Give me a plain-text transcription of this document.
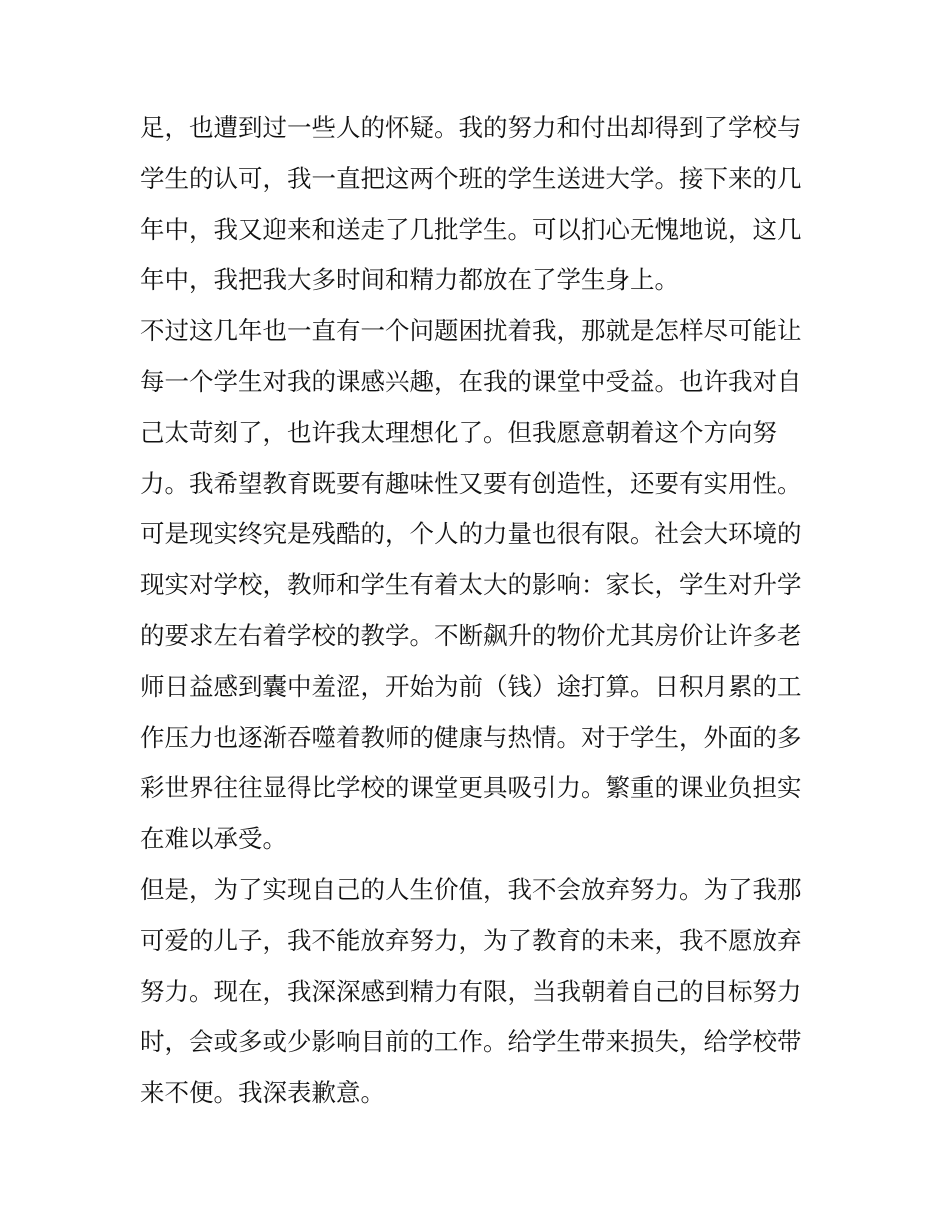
足，也遭到过一些人的怀疑。我的努力和付出却得到了学校与
学生的认可，我一直把这两个班的学生送进大学。接下来的几
年中，我又迎来和送走了几批学生。可以扪心无愧地说，这几
年中，我把我大多时间和精力都放在了学生身上。
不过这几年也一直有一个问题困扰着我，那就是怎样尽可能让
每一个学生对我的课感兴趣，在我的课堂中受益。也许我对自
己太苛刻了，也许我太理想化了。但我愿意朝着这个方向努
力。我希望教育既要有趣味性又要有创造性，还要有实用性。
可是现实终究是残酷的，个人的力量也很有限。社会大环境的
现实对学校，教师和学生有着太大的影响：家长，学生对升学
的要求左右着学校的教学。不断飙升的物价尤其房价让许多老
师日益感到囊中羞涩，开始为前（钱）途打算。日积月累的工
作压力也逐渐吞噬着教师的健康与热情。对于学生，外面的多
彩世界往往显得比学校的课堂更具吸引力。繁重的课业负担实
在难以承受。
但是，为了实现自己的人生价值，我不会放弃努力。为了我那
可爱的儿子，我不能放弃努力，为了教育的未来，我不愿放弃
努力。现在，我深深感到精力有限，当我朝着自己的目标努力
时，会或多或少影响目前的工作。给学生带来损失，给学校带
来不便。我深表歉意。
